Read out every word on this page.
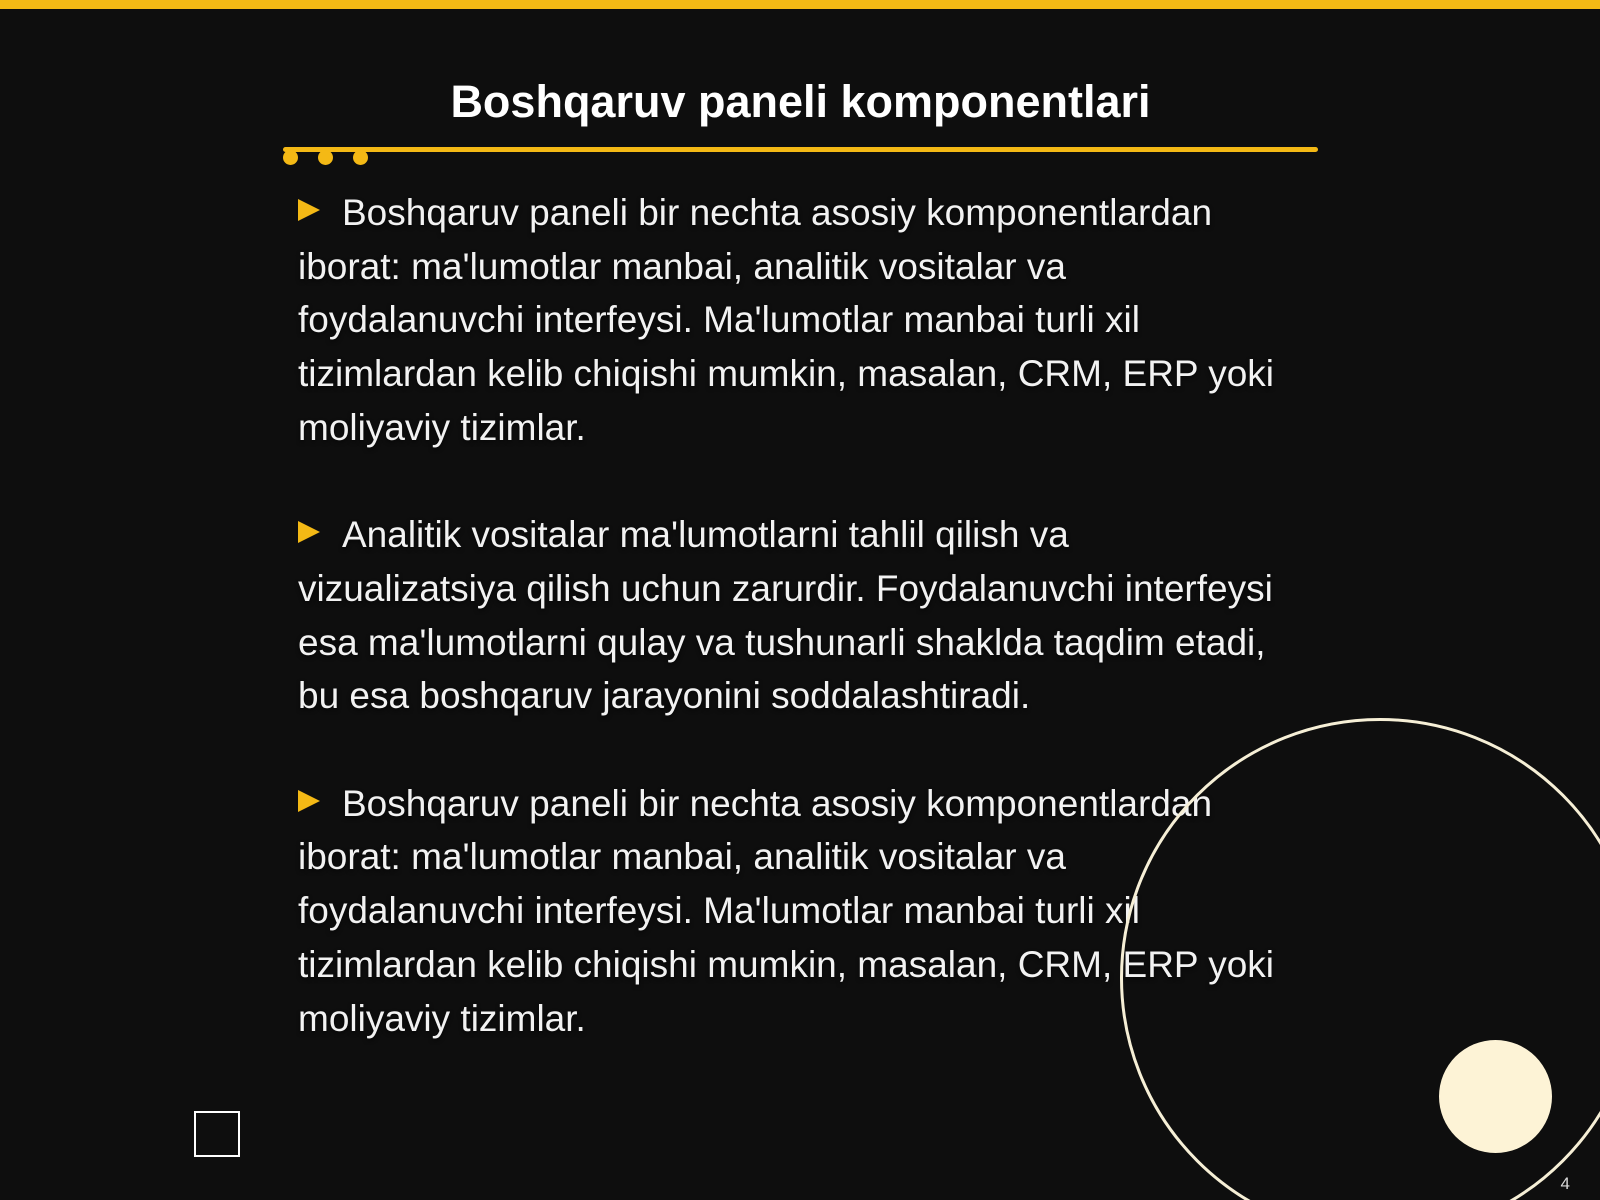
Boshqaruv paneli komponentlari

Boshqaruv paneli bir nechta asosiy komponentlardan iborat: ma'lumotlar manbai, analitik vositalar va foydalanuvchi interfeysi. Ma'lumotlar manbai turli xil tizimlardan kelib chiqishi mumkin, masalan, CRM, ERP yoki moliyaviy tizimlar.

Analitik vositalar ma'lumotlarni tahlil qilish va vizualizatsiya qilish uchun zarurdir. Foydalanuvchi interfeysi esa ma'lumotlarni qulay va tushunarli shaklda taqdim etadi, bu esa boshqaruv jarayonini soddalashtiradi.

Boshqaruv paneli bir nechta asosiy komponentlardan iborat: ma'lumotlar manbai, analitik vositalar va foydalanuvchi interfeysi. Ma'lumotlar manbai turli xil tizimlardan kelib chiqishi mumkin, masalan, CRM, ERP yoki moliyaviy tizimlar.

4
